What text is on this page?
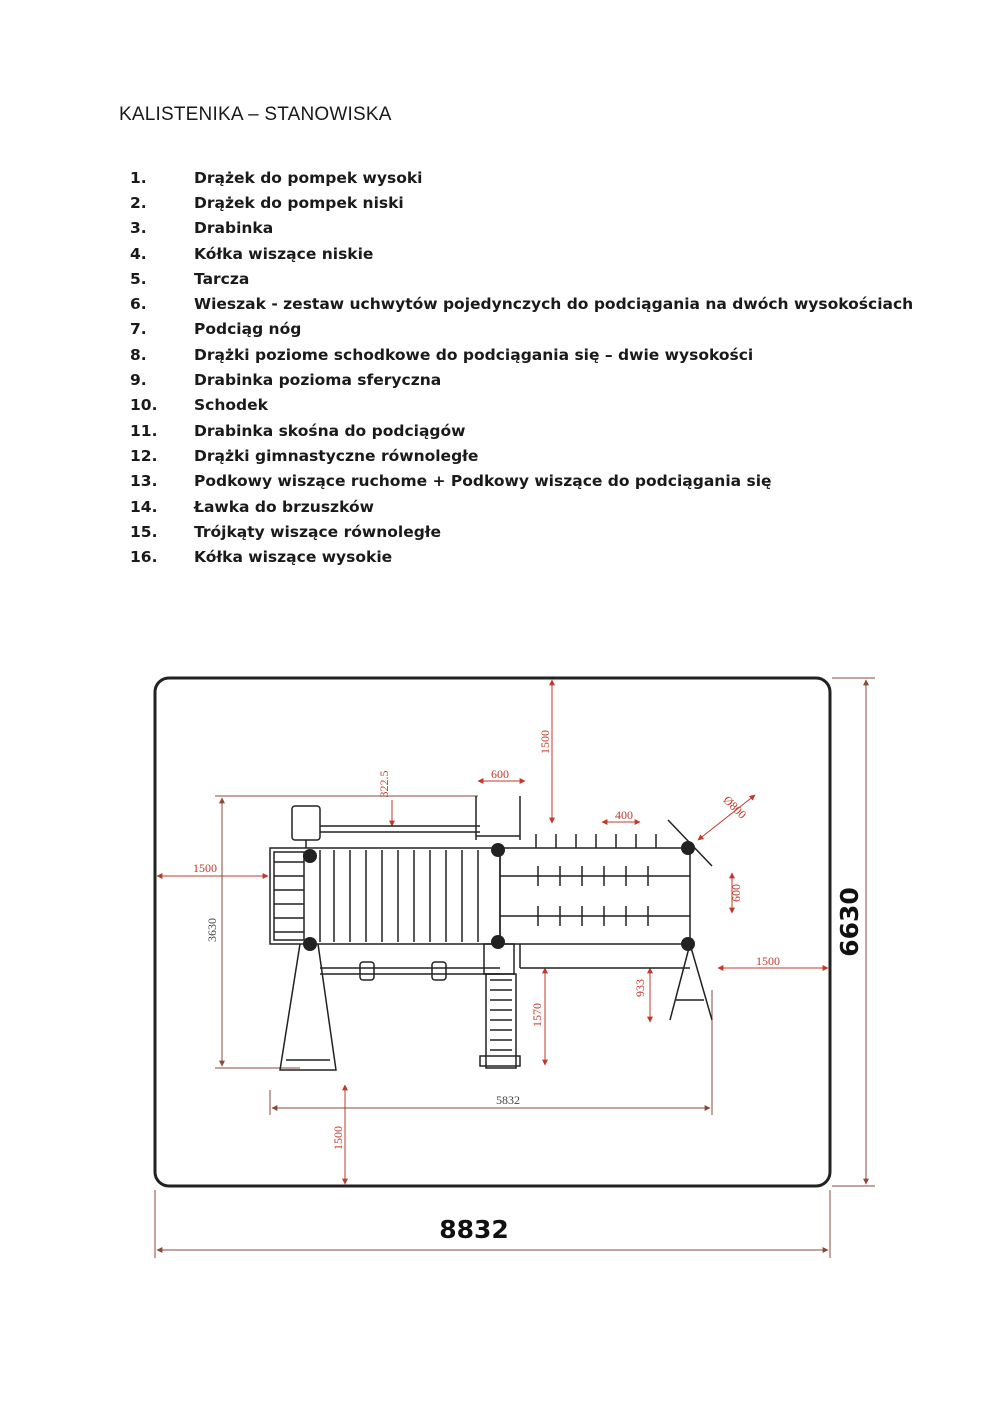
KALISTENIKA – STANOWISKA
1.	Drążek do pompek wysoki
2.	Drążek do pompek niski
3.	Drabinka
4.	Kółka wiszące niskie
5.	Tarcza
6.	Wieszak - zestaw uchwytów pojedynczych do podciągania na dwóch wysokościach
7.	Podciąg nóg
8.	Drążki poziome schodkowe do podciągania się – dwie wysokości
9.	Drabinka pozioma sferyczna
10.	Schodek
11.	Drabinka skośna do podciągów
12.	Drążki gimnastyczne równoległe
13.	Podkowy wiszące ruchome + Podkowy wiszące do podciągania się
14.	Ławka do brzuszków
15.	Trójkąty wiszące równoległe
16.	Kółka wiszące wysokie
8832
6630
1500
1500
1500
1500
1570
322.5	600
400
600
933
Ø800
5832
3630
